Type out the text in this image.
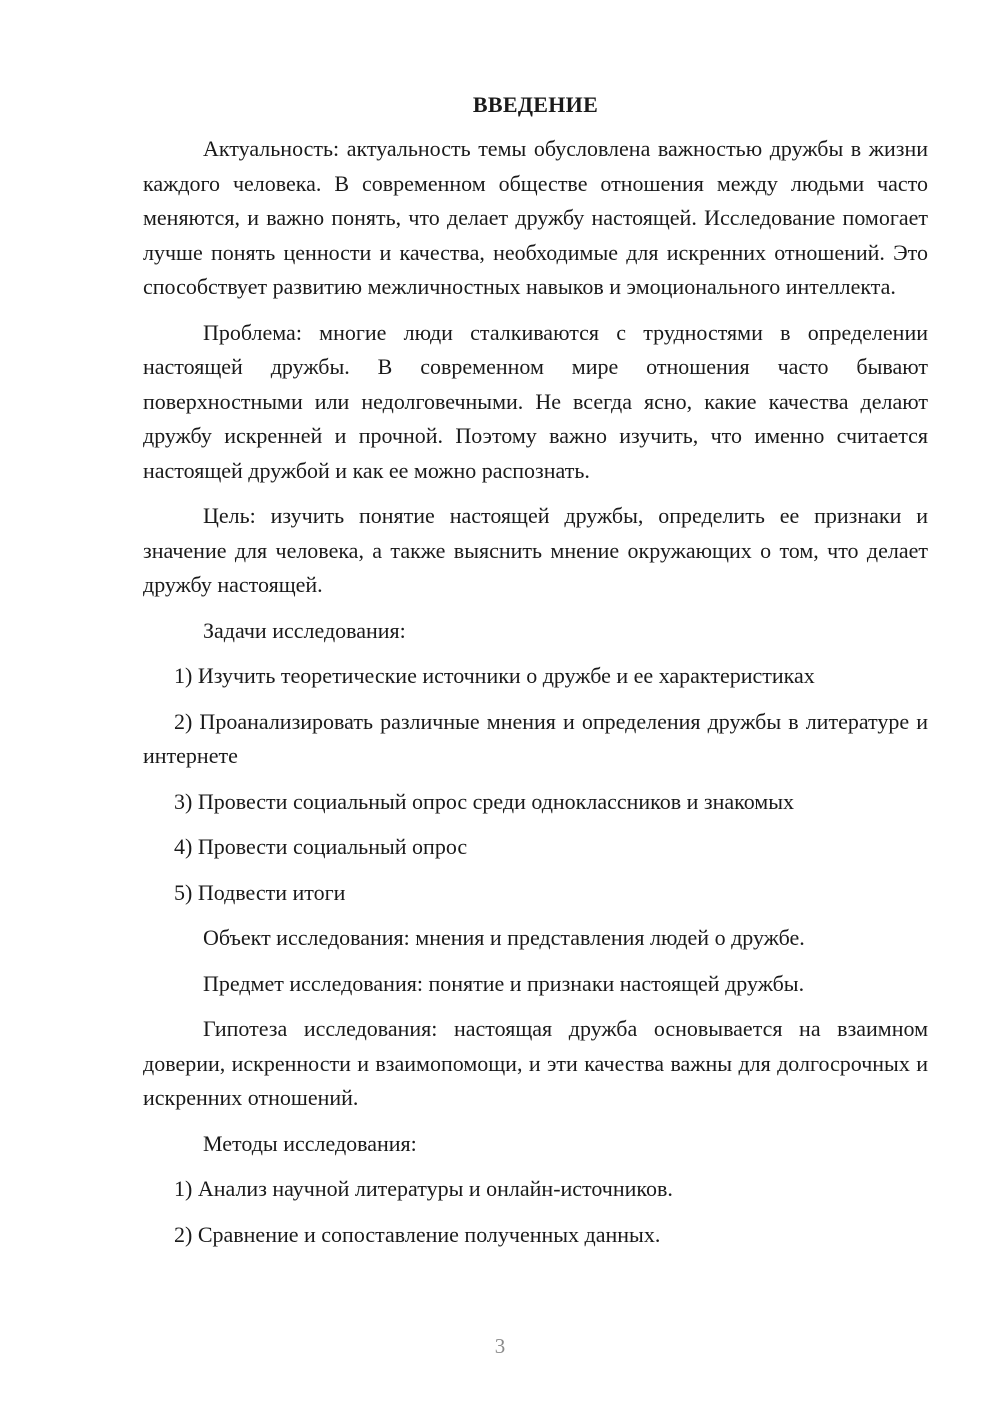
ВВЕДЕНИЕ

Актуальность: актуальность темы обусловлена важностью дружбы в жизни каждого человека. В современном обществе отношения между людьми часто меняются, и важно понять, что делает дружбу настоящей. Исследование помогает лучше понять ценности и качества, необходимые для искренних отношений. Это способствует развитию межличностных навыков и эмоционального интеллекта.

Проблема: многие люди сталкиваются с трудностями в определении настоящей дружбы. В современном мире отношения часто бывают поверхностными или недолговечными. Не всегда ясно, какие качества делают дружбу искренней и прочной. Поэтому важно изучить, что именно считается настоящей дружбой и как ее можно распознать.

Цель: изучить понятие настоящей дружбы, определить ее признаки и значение для человека, а также выяснить мнение окружающих о том, что делает дружбу настоящей.

Задачи исследования:

1) Изучить теоретические источники о дружбе и ее характеристиках

2) Проанализировать различные мнения и определения дружбы в литературе и интернете

3) Провести социальный опрос среди одноклассников и знакомых

4) Провести социальный опрос

5) Подвести итоги

Объект исследования: мнения и представления людей о дружбе.

Предмет исследования: понятие и признаки настоящей дружбы.

Гипотеза исследования: настоящая дружба основывается на взаимном доверии, искренности и взаимопомощи, и эти качества важны для долгосрочных и искренних отношений.

Методы исследования:

1) Анализ научной литературы и онлайн-источников.

2) Сравнение и сопоставление полученных данных.

3
